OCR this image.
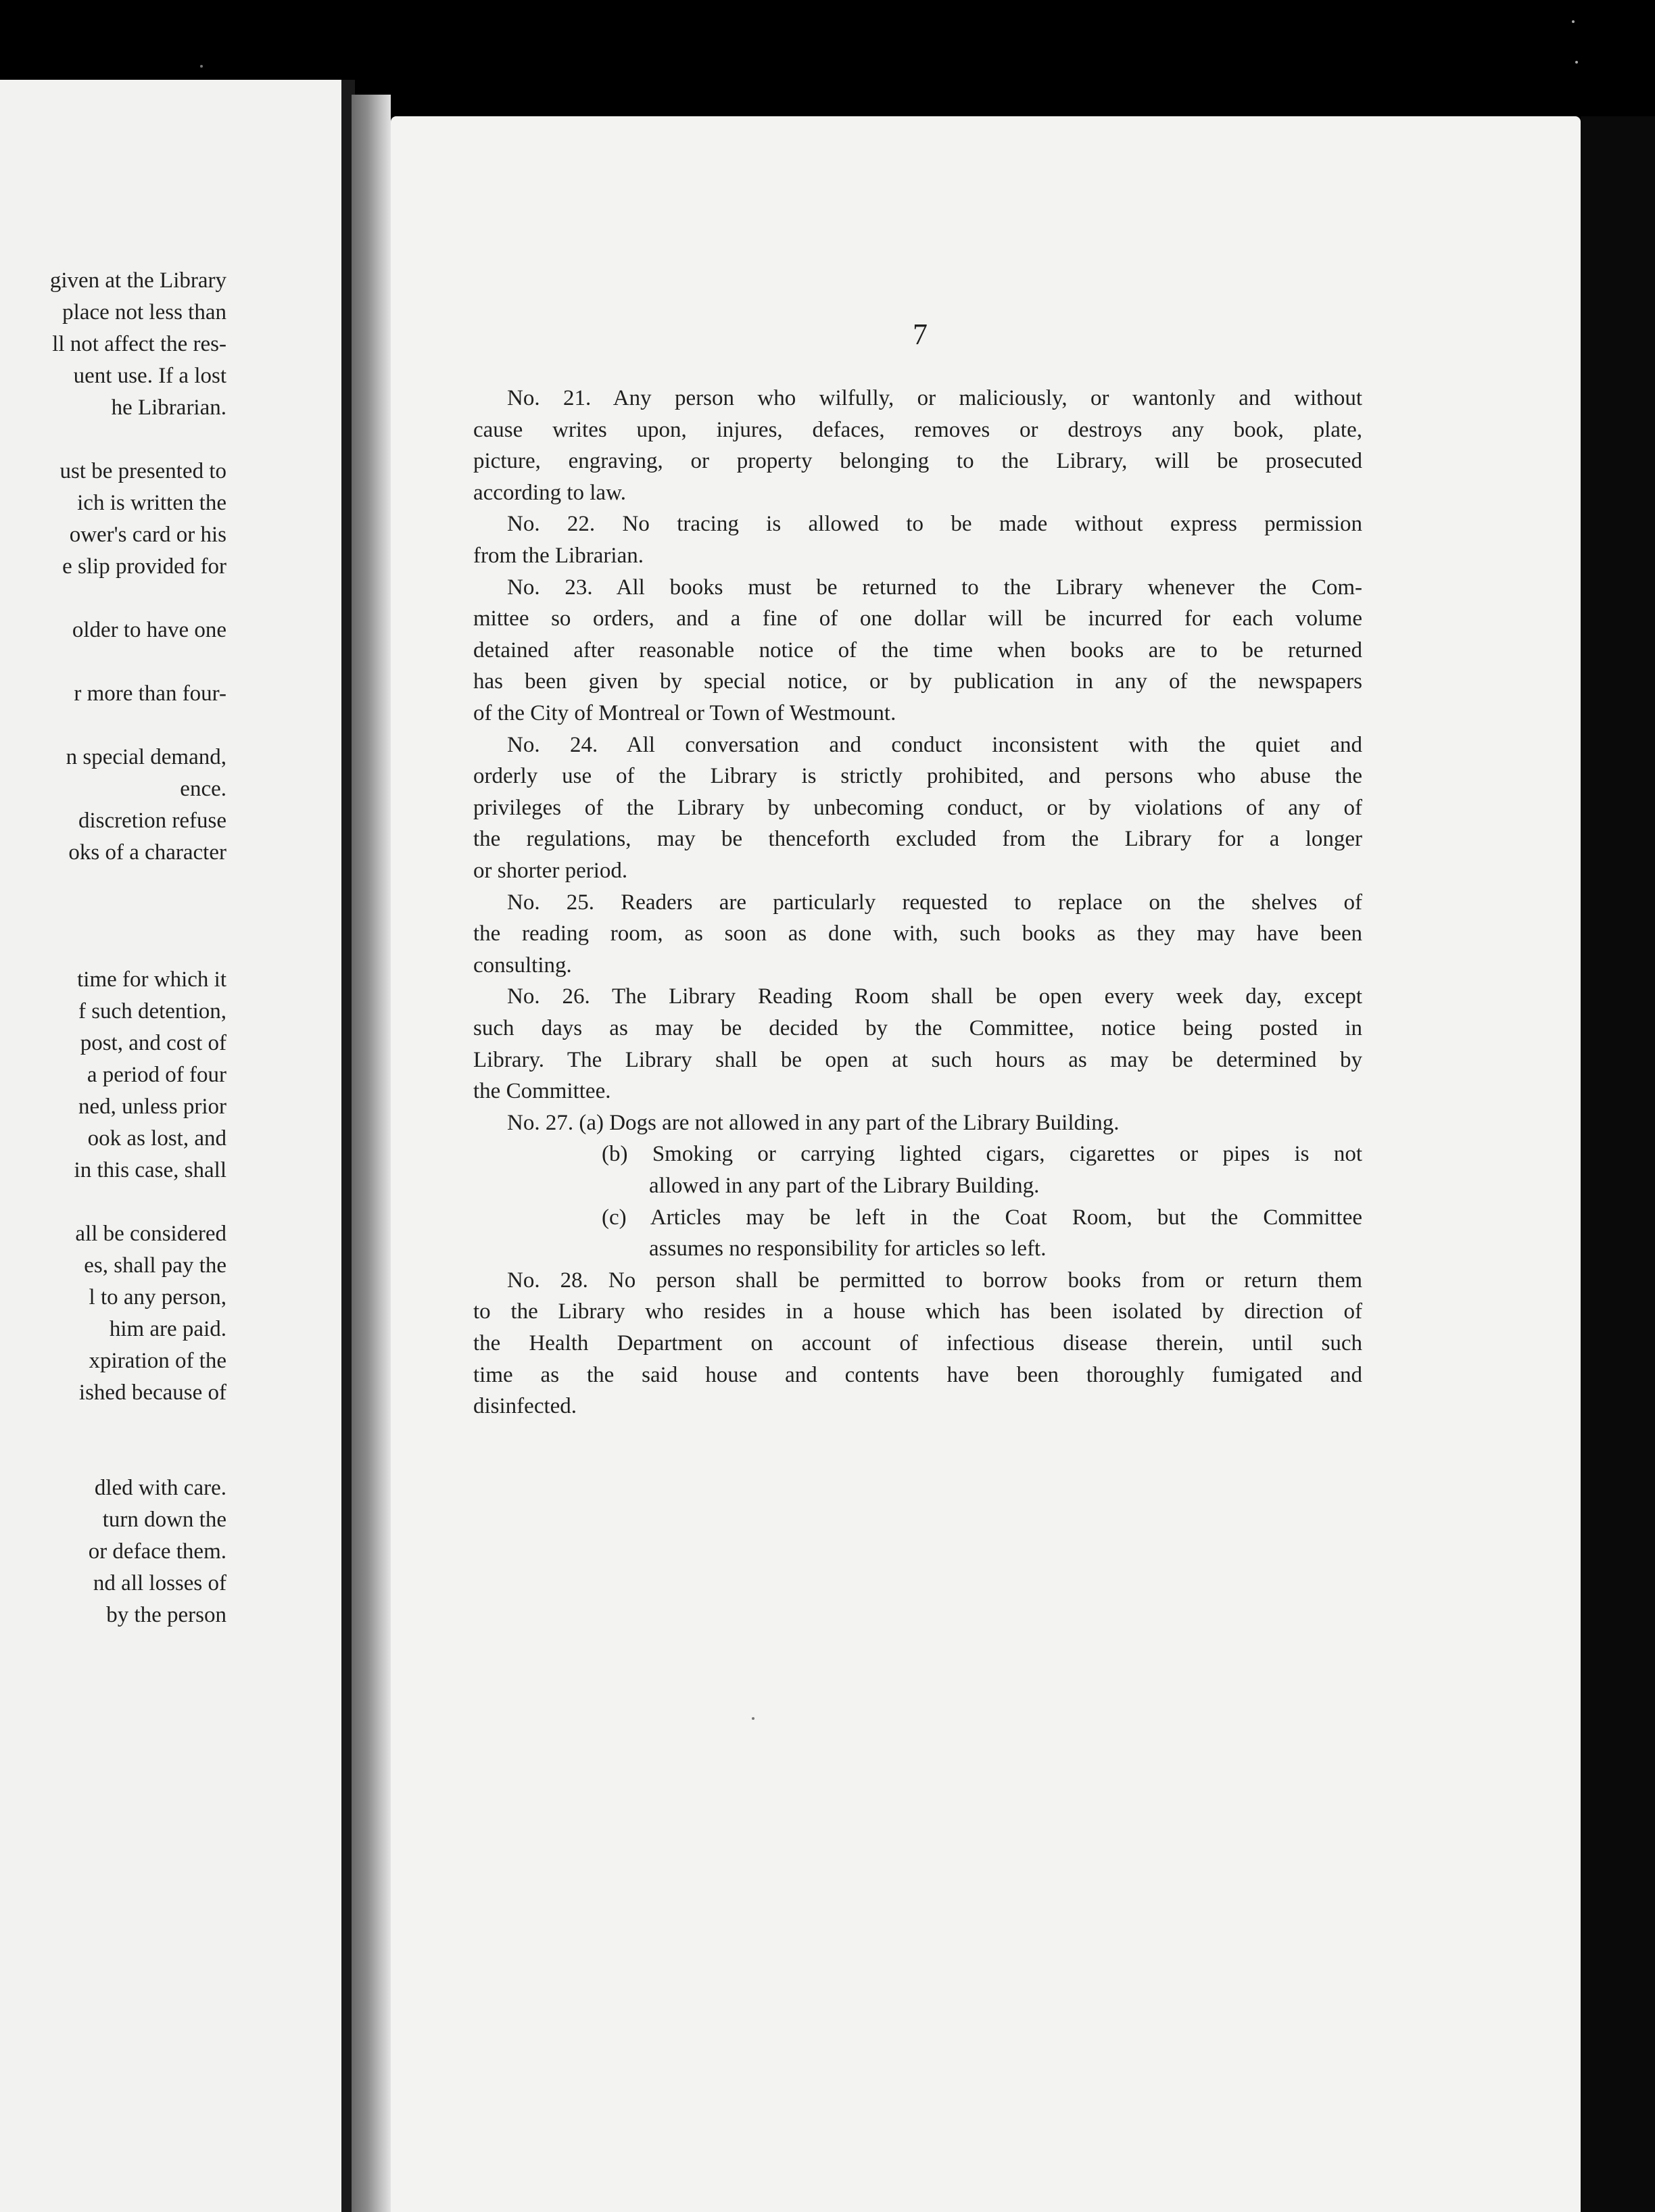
given at the Library
place not less than
ll not affect the res-
uent use. If a lost
he Librarian.
ust be presented to
ich is written the
ower's card or his
e slip provided for
older to have one
r more than four-
n special demand,
ence.
discretion refuse
oks of a character
time for which it
f such detention,
post, and cost of
a period of four
ned, unless prior
ook as lost, and
in this case, shall
all be considered
es, shall pay the
l to any person,
him are paid.
xpiration of the
ished because of
dled with care.
turn down the
or deface them.
nd all losses of
by the person
7
No. 21. Any person who wilfully, or maliciously, or wantonly and without
cause writes upon, injures, defaces, removes or destroys any book, plate,
picture, engraving, or property belonging to the Library, will be prosecuted
according to law.
No. 22. No tracing is allowed to be made without express permission
from the Librarian.
No. 23. All books must be returned to the Library whenever the Com-
mittee so orders, and a fine of one dollar will be incurred for each volume
detained after reasonable notice of the time when books are to be returned
has been given by special notice, or by publication in any of the newspapers
of the City of Montreal or Town of Westmount.
No. 24. All conversation and conduct inconsistent with the quiet and
orderly use of the Library is strictly prohibited, and persons who abuse the
privileges of the Library by unbecoming conduct, or by violations of any of
the regulations, may be thenceforth excluded from the Library for a longer
or shorter period.
No. 25. Readers are particularly requested to replace on the shelves of
the reading room, as soon as done with, such books as they may have been
consulting.
No. 26. The Library Reading Room shall be open every week day, except
such days as may be decided by the Committee, notice being posted in
Library. The Library shall be open at such hours as may be determined by
the Committee.
No. 27. (a) Dogs are not allowed in any part of the Library Building.
(b) Smoking or carrying lighted cigars, cigarettes or pipes is not
allowed in any part of the Library Building.
(c) Articles may be left in the Coat Room, but the Committee
assumes no responsibility for articles so left.
No. 28. No person shall be permitted to borrow books from or return them
to the Library who resides in a house which has been isolated by direction of
the Health Department on account of infectious disease therein, until such
time as the said house and contents have been thoroughly fumigated and
disinfected.
